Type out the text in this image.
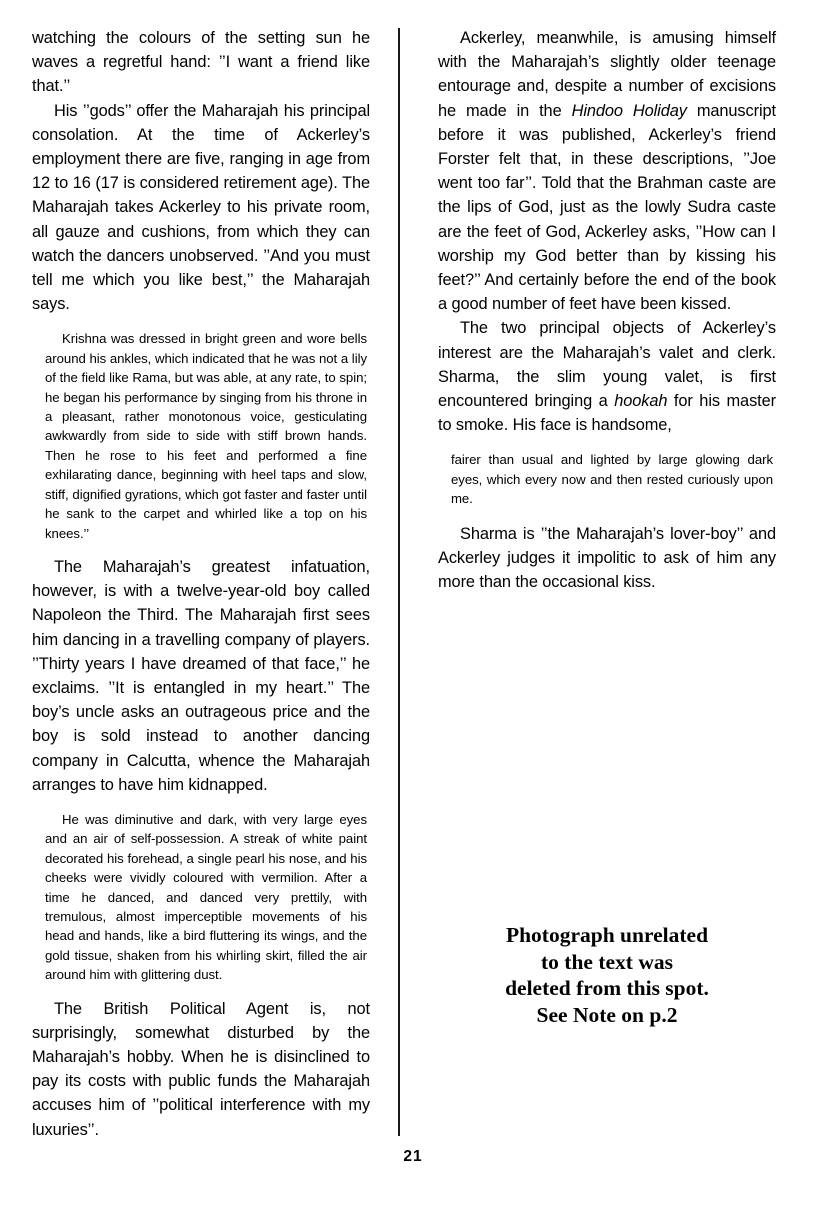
watching the colours of the setting sun he waves a regretful hand: ’’I want a friend like that.’’

His ’’gods’’ offer the Maharajah his principal consolation. At the time of Ackerley’s employment there are five, ranging in age from 12 to 16 (17 is considered retirement age). The Maharajah takes Ackerley to his private room, all gauze and cushions, from which they can watch the dancers unobserved. ’’And you must tell me which you like best,’’ the Maharajah says.

Krishna was dressed in bright green and wore bells around his ankles, which indicated that he was not a lily of the field like Rama, but was able, at any rate, to spin; he began his performance by singing from his throne in a pleasant, rather monotonous voice, gesticulating awkwardly from side to side with stiff brown hands. Then he rose to his feet and performed a fine exhilarating dance, beginning with heel taps and slow, stiff, dignified gyrations, which got faster and faster until he sank to the carpet and whirled like a top on his knees.’’

The Maharajah’s greatest infatuation, however, is with a twelve-year-old boy called Napoleon the Third. The Maharajah first sees him dancing in a travelling company of players. ’’Thirty years I have dreamed of that face,’’ he exclaims. ’’It is entangled in my heart.’’ The boy’s uncle asks an outrageous price and the boy is sold instead to another dancing company in Calcutta, whence the Maharajah arranges to have him kidnapped.

He was diminutive and dark, with very large eyes and an air of self-possession. A streak of white paint decorated his forehead, a single pearl his nose, and his cheeks were vividly coloured with vermilion. After a time he danced, and danced very prettily, with tremulous, almost imperceptible movements of his head and hands, like a bird fluttering its wings, and the gold tissue, shaken from his whirling skirt, filled the air around him with glittering dust.

The British Political Agent is, not surprisingly, somewhat disturbed by the Maharajah’s hobby. When he is disinclined to pay its costs with public funds the Maharajah accuses him of ’’political interference with my luxuries’’.

Ackerley, meanwhile, is amusing himself with the Maharajah’s slightly older teenage entourage and, despite a number of excisions he made in the Hindoo Holiday manuscript before it was published, Ackerley’s friend Forster felt that, in these descriptions, ’’Joe went too far’’. Told that the Brahman caste are the lips of God, just as the lowly Sudra caste are the feet of God, Ackerley asks, ’’How can I worship my God better than by kissing his feet?’’ And certainly before the end of the book a good number of feet have been kissed.

The two principal objects of Ackerley’s interest are the Maharajah’s valet and clerk. Sharma, the slim young valet, is first encountered bringing a hookah for his master to smoke. His face is handsome,

fairer than usual and lighted by large glowing dark eyes, which every now and then rested curiously upon me.

Sharma is ’’the Maharajah’s lover-boy’’ and Ackerley judges it impolitic to ask of him any more than the occasional kiss.

Photograph unrelated
to the text was
deleted from this spot.
See Note on p.2
21
